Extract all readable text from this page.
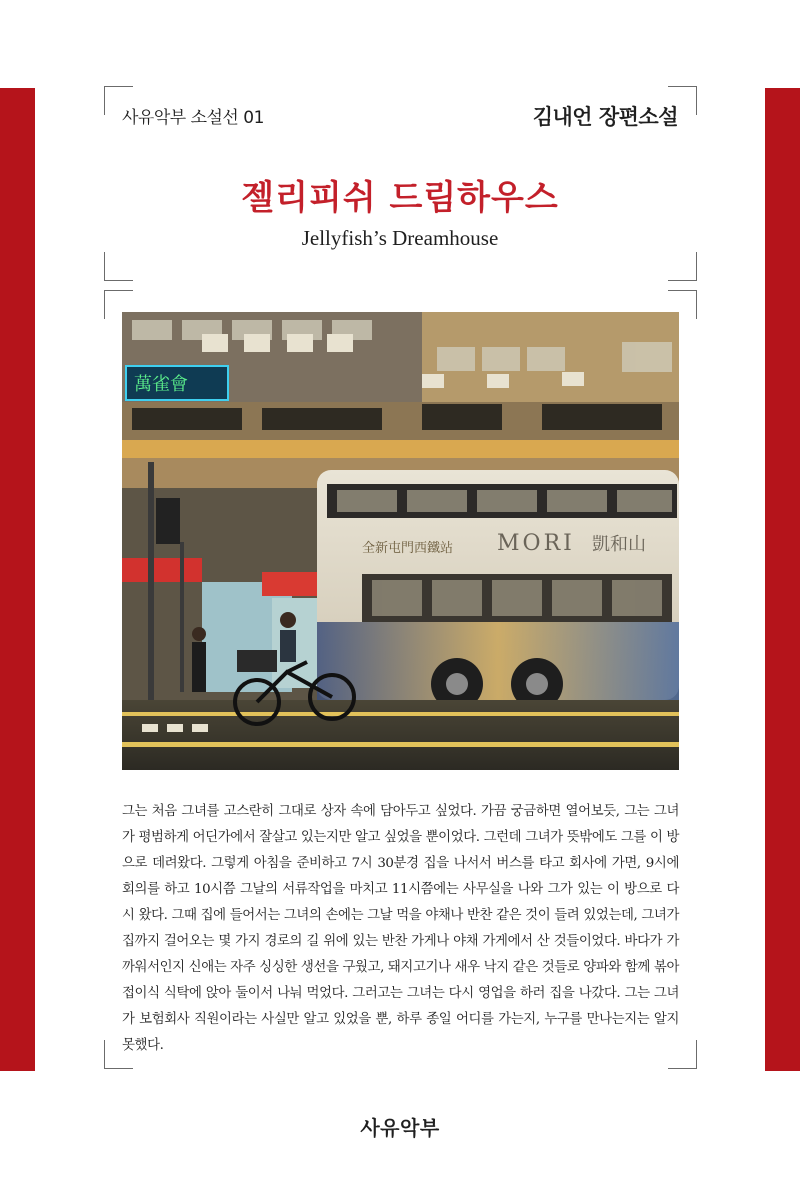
사유악부 소설선 01	김내언 장편소설
젤리피쉬 드림하우스
Jellyfish’s Dreamhouse
萬雀會
全新屯門西鐵站 MORI 凱和山
그는 처음 그녀를 고스란히 그대로 상자 속에 담아두고 싶었다. 가끔 궁금하면 열어보듯, 그는 그녀가 평범하게 어딘가에서 잘살고 있는지만 알고 싶었을 뿐이었다. 그런데 그녀가 뜻밖에도 그를 이 방으로 데려왔다. 그렇게 아침을 준비하고 7시 30분경 집을 나서서 버스를 타고 회사에 가면, 9시에 회의를 하고 10시쯤 그날의 서류작업을 마치고 11시쯤에는 사무실을 나와 그가 있는 이 방으로 다시 왔다. 그때 집에 들어서는 그녀의 손에는 그날 먹을 야채나 반찬 같은 것이 들려 있었는데, 그녀가 집까지 걸어오는 몇 가지 경로의 길 위에 있는 반찬 가게나 야채 가게에서 산 것들이었다. 바다가 가까워서인지 신애는 자주 싱싱한 생선을 구웠고, 돼지고기나 새우 낙지 같은 것들로 양파와 함께 볶아 접이식 식탁에 앉아 둘이서 나눠 먹었다. 그러고는 그녀는 다시 영업을 하러 집을 나갔다. 그는 그녀가 보험회사 직원이라는 사실만 알고 있었을 뿐, 하루 종일 어디를 가는지, 누구를 만나는지는 알지 못했다.
사유악부
